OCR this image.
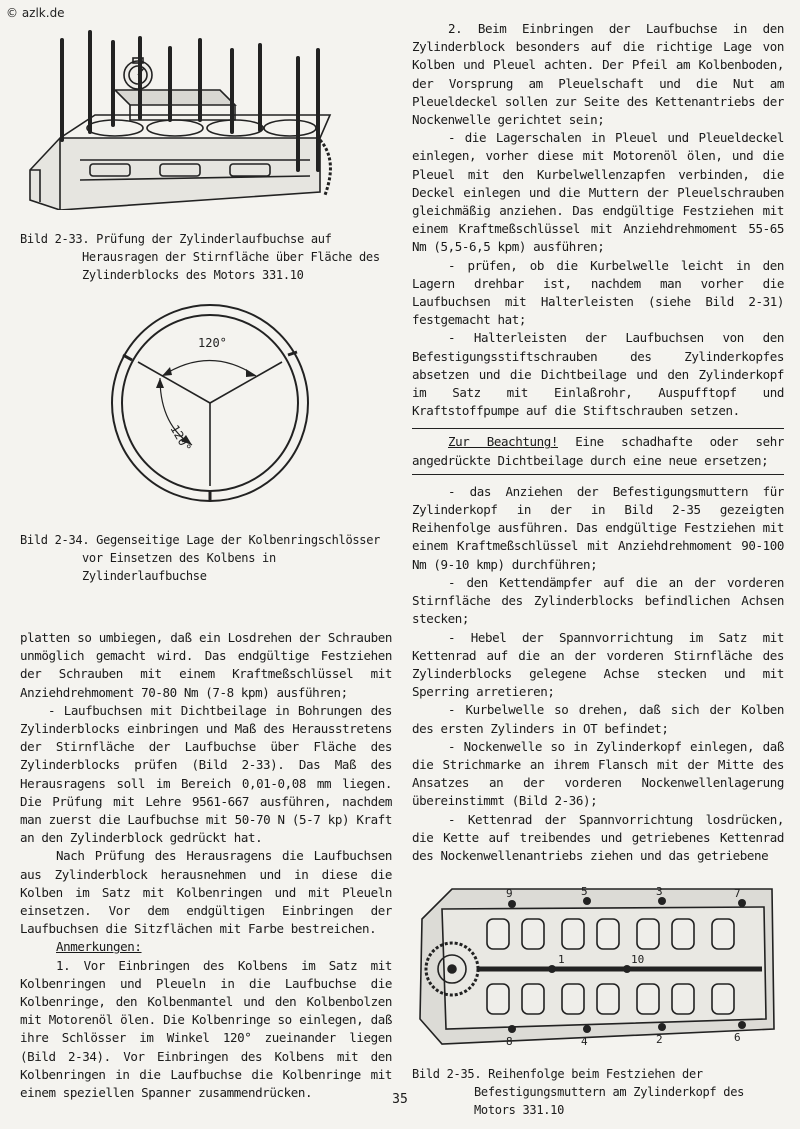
© azlk.de

Bild 2-33. Prüfung der Zylinderlaufbuchse auf Herausragen der Stirnfläche über Fläche des Zylinderblocks des Motors 331.10

120°
120°

Bild 2-34. Gegenseitige Lage der Kolbenringschlösser vor Einsetzen des Kolbens in Zylinderlaufbuchse

platten so umbiegen, daß ein Losdrehen der Schrauben unmöglich gemacht wird. Das endgültige Festziehen der Schrauben mit einem Kraftmeßschlüssel mit Anziehdrehmoment 70-80 Nm (7-8 kpm) ausführen;

- Laufbuchsen mit Dichtbeilage in Bohrungen des Zylinderblocks einbringen und Maß des Herausstretens der Stirnfläche der Laufbuchse über Fläche des Zylinderblocks prüfen (Bild 2-33). Das Maß des Herausragens soll im Bereich 0,01-0,08 mm liegen. Die Prüfung mit Lehre 9561-667 ausführen, nachdem man zuerst die Laufbuchse mit 50-70 N (5-7 kp) Kraft an den Zylinderblock gedrückt hat.

Nach Prüfung des Herausragens die Laufbuchsen aus Zylinderblock herausnehmen und in diese die Kolben im Satz mit Kolbenringen und mit Pleueln einsetzen. Vor dem endgültigen Einbringen der Laufbuchsen die Sitzflächen mit Farbe bestreichen.

Anmerkungen:

1. Vor Einbringen des Kolbens im Satz mit Kolbenringen und Pleueln in die Laufbuchse die Kolbenringe, den Kolbenmantel und den Kolbenbolzen mit Motorenöl ölen. Die Kolbenringe so einlegen, daß ihre Schlösser im Winkel 120° zueinander liegen (Bild 2-34). Vor Einbringen des Kolbens mit den Kolbenringen in die Laufbuchse die Kolbenringe mit einem speziellen Spanner zusammendrücken.

2. Beim Einbringen der Laufbuchse in den Zylinderblock besonders auf die richtige Lage von Kolben und Pleuel achten. Der Pfeil am Kolbenboden, der Vorsprung am Pleuelschaft und die Nut am Pleueldeckel sollen zur Seite des Kettenantriebs der Nockenwelle gerichtet sein;

- die Lagerschalen in Pleuel und Pleueldeckel einlegen, vorher diese mit Motorenöl ölen, und die Pleuel mit den Kurbelwellenzapfen verbinden, die Deckel einlegen und die Muttern der Pleuelschrauben gleichmäßig anziehen. Das endgültige Festziehen mit einem Kraftmeßschlüssel mit Anziehdrehmoment 55-65 Nm (5,5-6,5 kpm) ausführen;

- prüfen, ob die Kurbelwelle leicht in den Lagern drehbar ist, nachdem man vorher die Laufbuchsen mit Halterleisten (siehe Bild 2-31) festgemacht hat;

- Halterleisten der Laufbuchsen von den Befestigungsstiftschrauben des Zylinderkopfes absetzen und die Dichtbeilage und den Zylinderkopf im Satz mit Einlaßrohr, Auspufftopf und Kraftstoffpumpe auf die Stiftschrauben setzen.

Zur Beachtung! Eine schadhafte oder sehr angedrückte Dichtbeilage durch eine neue ersetzen;

- das Anziehen der Befestigungsmuttern für Zylinderkopf in der in Bild 2-35 gezeigten Reihenfolge ausführen. Das endgültige Festziehen mit einem Kraftmeßschlüssel mit Anziehdrehmoment 90-100 Nm (9-10 kmp) durchführen;

- den Kettendämpfer auf die an der vorderen Stirnfläche des Zylinderblocks befindlichen Achsen stecken;

- Hebel der Spannvorrichtung im Satz mit Kettenrad auf die an der vorderen Stirnfläche des Zylinderblocks gelegene Achse stecken und mit Sperring arretieren;

- Kurbelwelle so drehen, daß sich der Kolben des ersten Zylinders in OT befindet;

- Nockenwelle so in Zylinderkopf einlegen, daß die Strichmarke an ihrem Flansch mit der Mitte des Ansatzes an der vorderen Nockenwellenlagerung übereinstimmt (Bild 2-36);

- Kettenrad der Spannvorrichtung losdrücken, die Kette auf treibendes und getriebenes Kettenrad des Nockenwellenantriebs ziehen und das getriebene

9	5	3	7
8	4	2	6
1	10

Bild 2-35. Reihenfolge beim Festziehen der Befestigungsmuttern am Zylinderkopf des Motors 331.10

35
